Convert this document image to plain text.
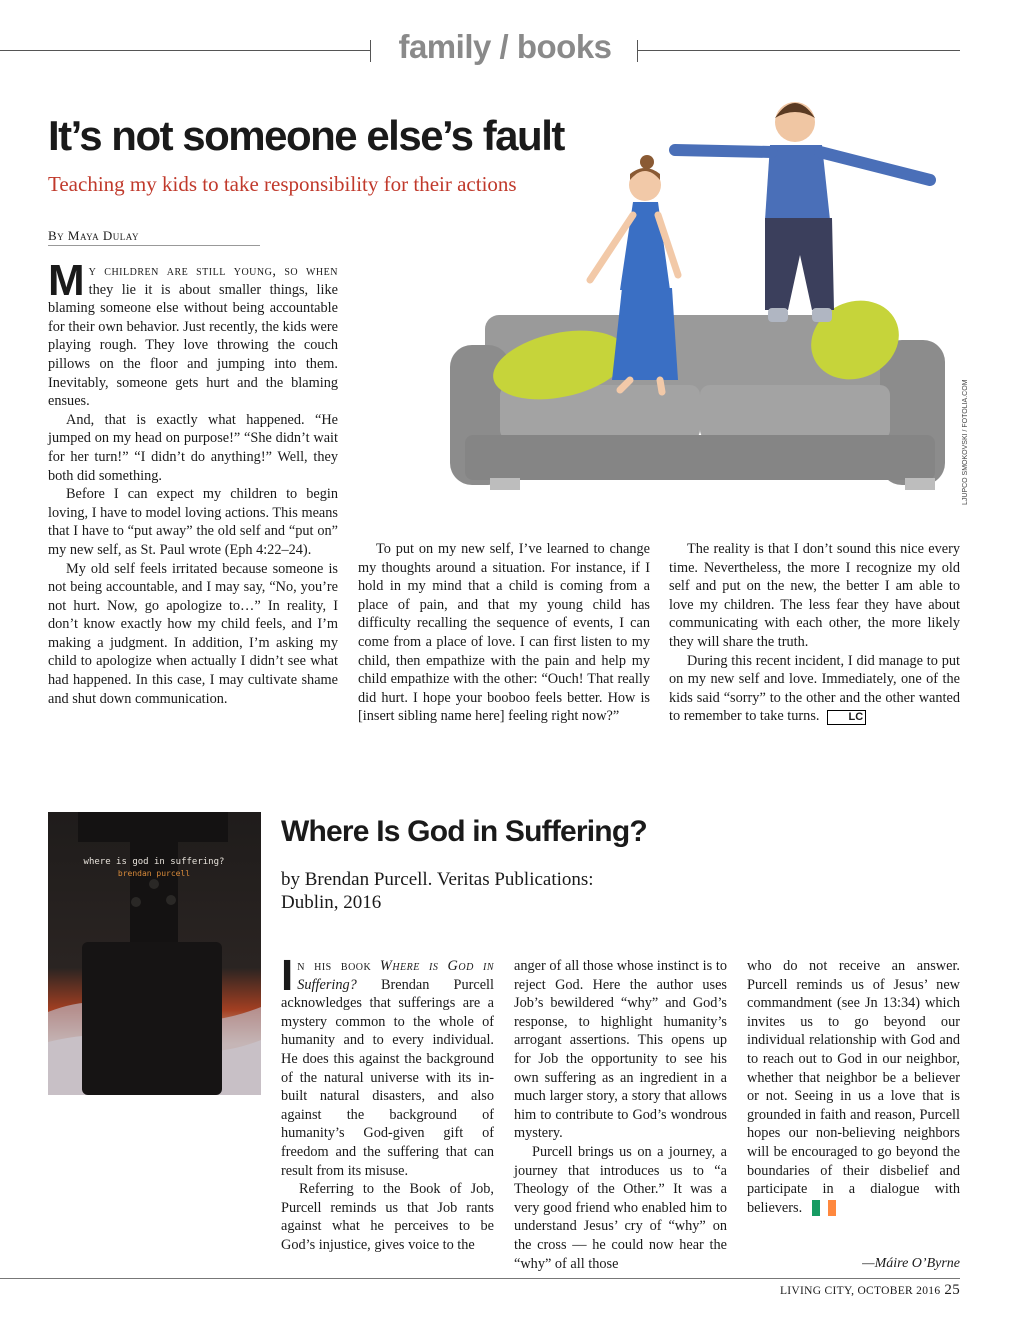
family / books
It’s not someone else’s fault
Teaching my kids to take responsibility for their actions
By Maya Dulay
LJUPCO SMOKOVSKI / FOTOLIA.COM

My children are still young, so when they lie it is about smaller things, like blaming someone else without being accountable for their own behavior. Just recently, the kids were playing rough. They love throwing the couch pillows on the floor and jumping into them. Inevitably, someone gets hurt and the blaming ensues.

And, that is exactly what happened. “He jumped on my head on purpose!” “She didn’t wait for her turn!” “I didn’t do anything!” Well, they both did something.

Before I can expect my children to begin loving, I have to model loving actions. This means that I have to “put away” the old self and “put on” my new self, as St. Paul wrote (Eph 4:22–24).

My old self feels irritated because someone is not being accountable, and I may say, “No, you’re not hurt. Now, go apologize to…” In reality, I don’t know exactly how my child feels, and I’m making a judgment. In addition, I’m asking my child to apologize when actually I didn’t see what had happened. In this case, I may cultivate shame and shut down communication.

To put on my new self, I’ve learned to change my thoughts around a situation. For instance, if I hold in my mind that a child is coming from a place of pain, and that my young child has difficulty recalling the sequence of events, I can come from a place of love. I can first listen to my child, then empathize with the pain and help my child empathize with the other: “Ouch! That really did hurt. I hope your booboo feels better. How is [insert sibling name here] feeling right now?”

The reality is that I don’t sound this nice every time. Nevertheless, the more I recognize my old self and put on the new, the better I am able to love my children. The less fear they have about communicating with each other, the more likely they will share the truth.

During this recent incident, I did manage to put on my new self and love. Immediately, one of the kids said “sorry” to the other and the other wanted to remember to take turns.	LC

where is god in suffering?
brendan purcell
Where Is God in Suffering?
by Brendan Purcell. Veritas Publications: Dublin, 2016

In his book Where is God in Suffering? Brendan Purcell acknowledges that sufferings are a mystery common to the whole of humanity and to every individual. He does this against the background of the natural universe with its in-built natural disasters, and also against the background of humanity’s God-given gift of freedom and the suffering that can result from its misuse.

Referring to the Book of Job, Purcell reminds us that Job rants against what he perceives to be God’s injustice, gives voice to the

anger of all those whose instinct is to reject God. Here the author uses Job’s bewildered “why” and God’s response, to highlight humanity’s arrogant assertions. This opens up for Job the opportunity to see his own suffering as an ingredient in a much larger story, a story that allows him to contribute to God’s wondrous mystery.

Purcell brings us on a journey, a journey that introduces us to “a Theology of the Other.” It was a very good friend who enabled him to understand Jesus’ cry of “why” on the cross — he could now hear the “why” of all those

who do not receive an answer. Purcell reminds us of Jesus’ new commandment (see Jn 13:34) which invites us to go beyond our individual relationship with God and to reach out to God in our neighbor, whether that neighbor be a believer or not. Seeing in us a love that is grounded in faith and reason, Purcell hopes our non-believing neighbors will be encouraged to go beyond the boundaries of their disbelief and participate in a dialogue with believers.

—Máire O’Byrne
LIVING CITY, OCTOBER 2016 25
